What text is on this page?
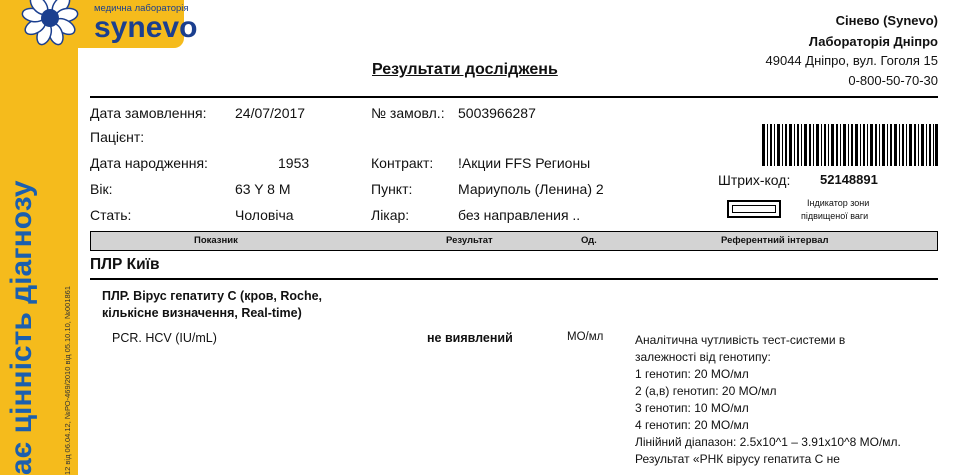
ає цінність діагнозу	12 від 06.04.12, №РО-469/2010 від 05.10.10, №001861
медична лабораторія
synevo	Сінево (Synevo)
Лабораторія Дніпро
49044 Дніпро, вул. Гоголя 15
0-800-50-70-30
Результати досліджень
Дата замовлення: 24/07/2017	№ замовл.: 5003966287
Пацієнт:
Дата народження:	1953	Контракт: !Акции FFS Регионы
Вік:	63 Y 8 M	Пункт:	Мариуполь (Ленина) 2
Стать:	Чоловіча	Лікар:	без направления ..
Штрих-код: 52148891
Індикатор зони
підвищеної ваги
Показник	Результат	Од.	Референтний інтервал
ПЛР Київ
ПЛР. Вірус гепатиту С (кров, Roche,
кількісне визначення, Real-time)
PCR. HCV (IU/mL)	не виявлений	МО/мл	Аналітична чутливість тест-системи в
залежності від генотипу:
1 генотип: 20 МО/мл
2 (а,в) генотип: 20 МО/мл
3 генотип: 10 МО/мл
4 генотип: 20 МО/мл
Лінійний діапазон: 2.5x10^1 – 3.91x10^8 МО/мл.
Результат «РНК вірусу гепатита С не
